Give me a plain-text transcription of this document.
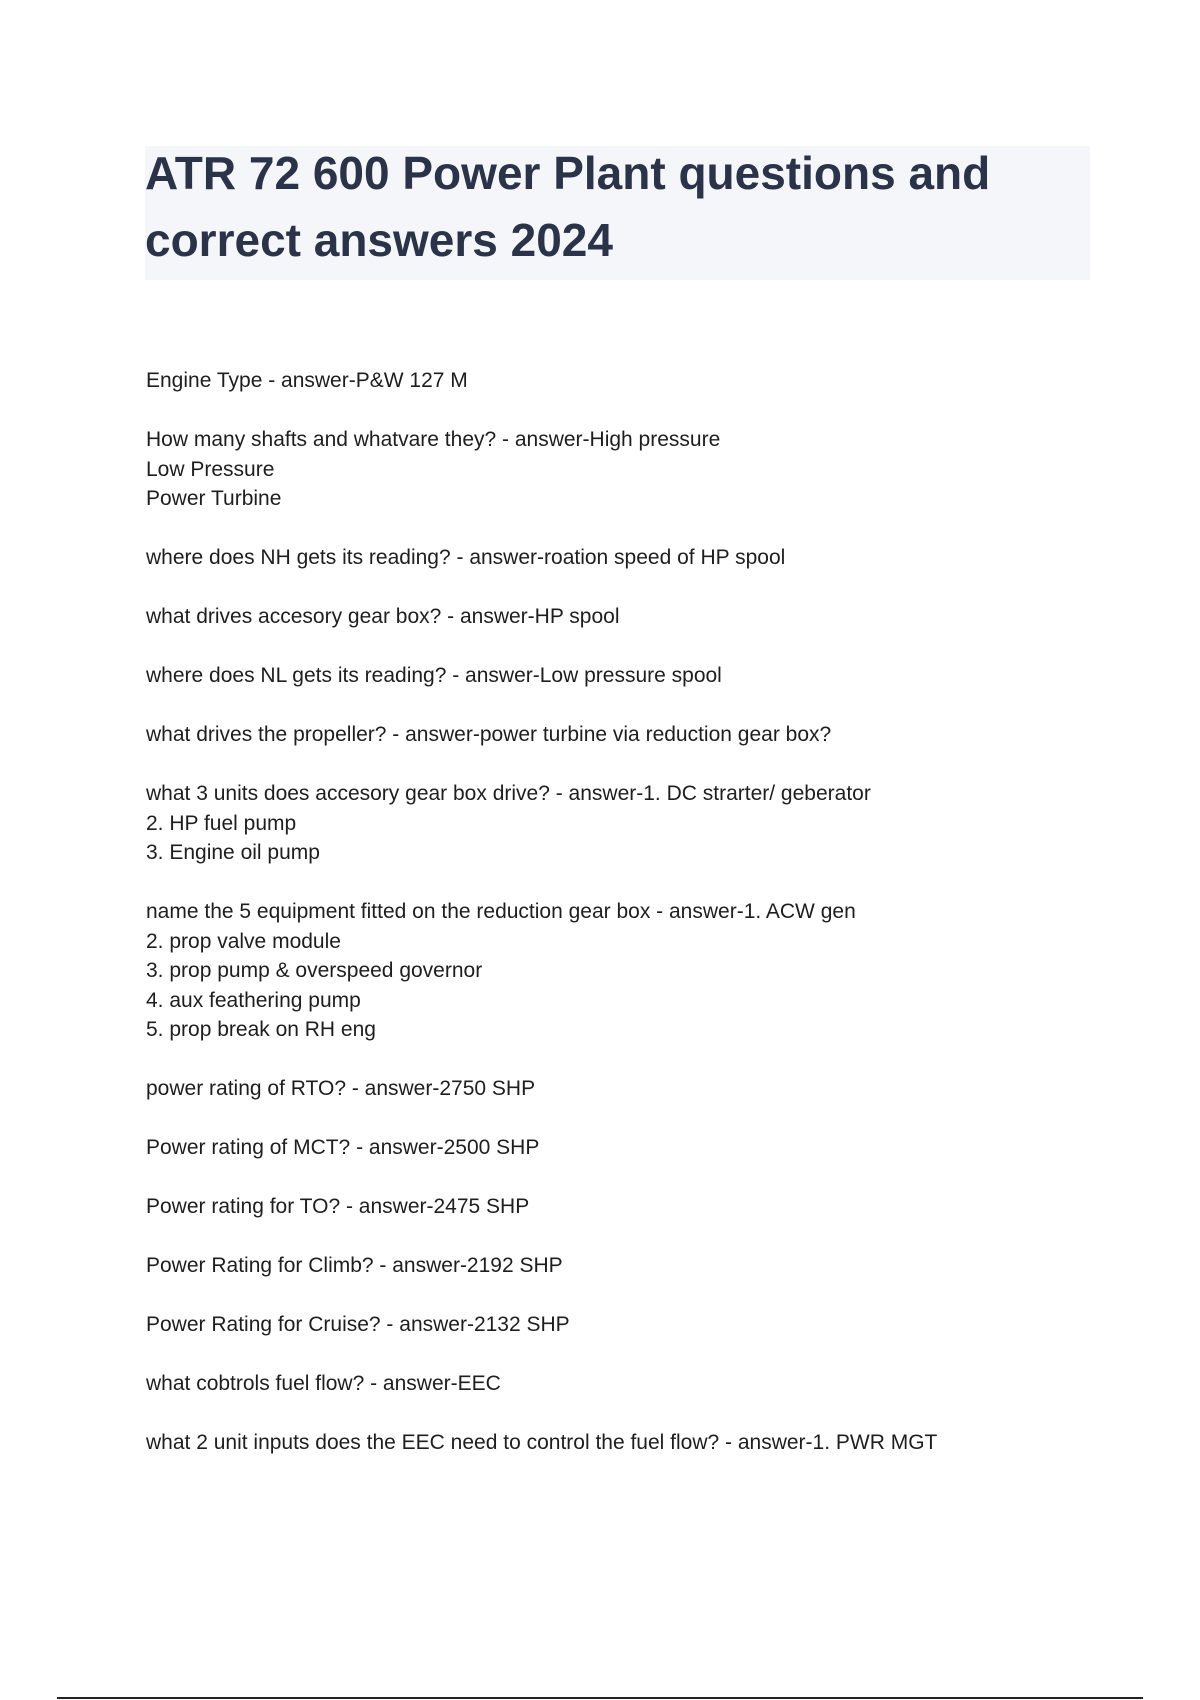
ATR 72 600 Power Plant questions and correct answers 2024
Engine Type - answer-P&W 127 M
How many shafts and whatvare they? - answer-High pressure
Low Pressure
Power Turbine
where does NH gets its reading? - answer-roation speed of HP spool
what drives accesory gear box? - answer-HP spool
where does NL gets its reading? - answer-Low pressure spool
what drives the propeller? - answer-power turbine via reduction gear box?
what 3 units does accesory gear box drive? - answer-1. DC strarter/ geberator
2. HP fuel pump
3. Engine oil pump
name the 5 equipment fitted on the reduction gear box - answer-1. ACW gen
2. prop valve module
3. prop pump & overspeed governor
4. aux feathering pump
5. prop break on RH eng
power rating of RTO? - answer-2750 SHP
Power rating of MCT? - answer-2500 SHP
Power rating for TO? - answer-2475 SHP
Power Rating for Climb? - answer-2192 SHP
Power Rating for Cruise? - answer-2132 SHP
what cobtrols fuel flow? - answer-EEC
what 2 unit inputs does the EEC need to control the fuel flow? - answer-1. PWR MGT
